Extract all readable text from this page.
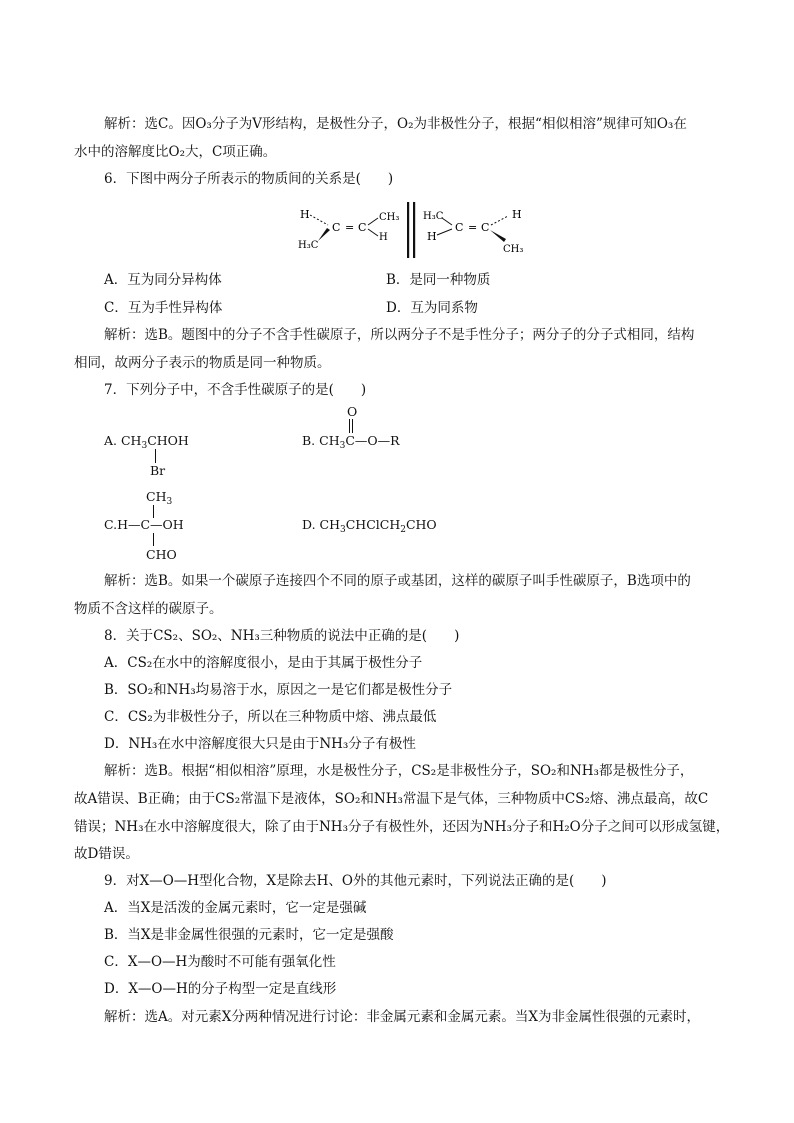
解析：选C。因O₃分子为V形结构，是极性分子，O₂为非极性分子，根据“相似相溶”规律可知O₃在
水中的溶解度比O₂大，C项正确。
6．下图中两分子所表示的物质间的关系是(　　)
H
C = C
CH₃
H
H₃C
H₃C
H
C = C
H
CH₃
A．互为同分异构体	B．是同一种物质
C．互为手性异构体	D．互为同系物
解析：选B。题图中的分子不含手性碳原子，所以两分子不是手性分子；两分子的分子式相同，结构
相同，故两分子表示的物质是同一种物质。
7．下列分子中，不含手性碳原子的是(　　)
A. $CH_3CHOH$
Br
O
B. $CH_3C—O—R$
$CH_3$
C.H—C—OH
CHO
D. $CH_3CHClCH_2CHO$
解析：选B。如果一个碳原子连接四个不同的原子或基团，这样的碳原子叫手性碳原子，B选项中的
物质不含这样的碳原子。
8．关于CS₂、SO₂、NH₃三种物质的说法中正确的是(　　)
A．CS₂在水中的溶解度很小，是由于其属于极性分子
B．SO₂和NH₃均易溶于水，原因之一是它们都是极性分子
C．CS₂为非极性分子，所以在三种物质中熔、沸点最低
D．NH₃在水中溶解度很大只是由于NH₃分子有极性
解析：选B。根据“相似相溶”原理，水是极性分子，CS₂是非极性分子，SO₂和NH₃都是极性分子，
故A错误、B正确；由于CS₂常温下是液体，SO₂和NH₃常温下是气体，三种物质中CS₂熔、沸点最高，故C
错误；NH₃在水中溶解度很大，除了由于NH₃分子有极性外，还因为NH₃分子和H₂O分子之间可以形成氢键，
故D错误。
9．对X—O—H型化合物，X是除去H、O外的其他元素时，下列说法正确的是(　　)
A．当X是活泼的金属元素时，它一定是强碱
B．当X是非金属性很强的元素时，它一定是强酸
C．X—O—H为酸时不可能有强氧化性
D．X—O—H的分子构型一定是直线形
解析：选A。对元素X分两种情况进行讨论：非金属元素和金属元素。当X为非金属性很强的元素时，
